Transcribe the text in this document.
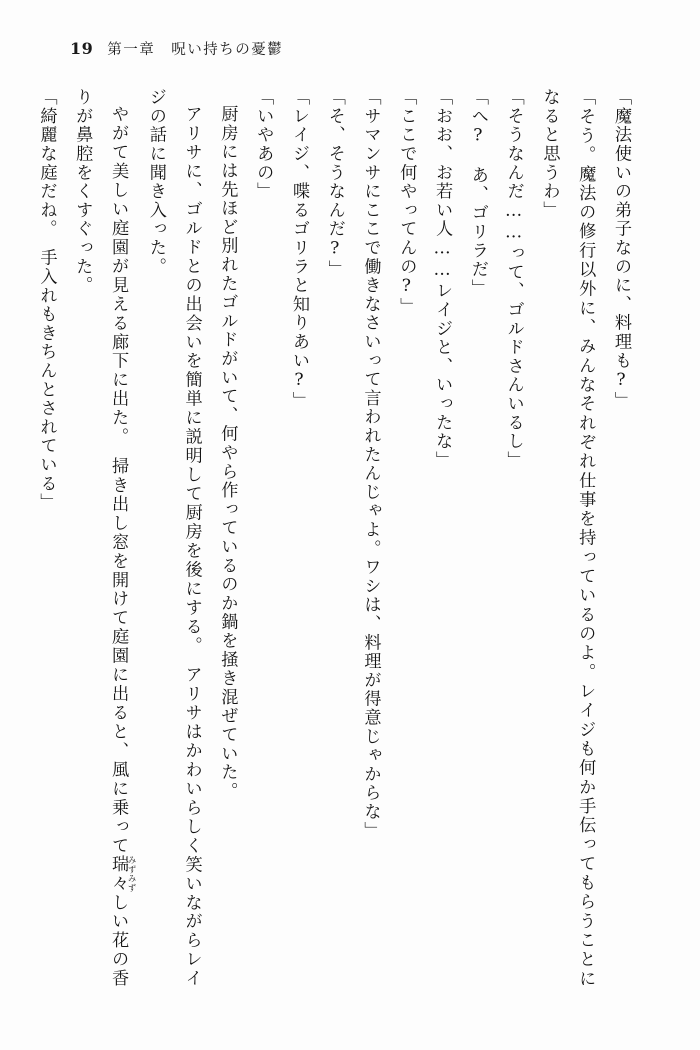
19 第一章　呪い持ちの憂鬱

「魔法使いの弟子なのに、料理も?」

「そう。魔法の修行以外に、みんなそれぞれ仕事を持っているのよ。レイジも何か手伝ってもらうことになると思うわ」

「そうなんだ……って、ゴルドさんいるし」

「へ?　あ、ゴリラだ」

「おお、お若い人……レイジと、いったな」

「ここで何やってんの?」

「サマンサにここで働きなさいって言われたんじゃよ。ワシは、料理が得意じゃからな」

「そ、そうなんだ?」

「レイジ、喋るゴリラと知りあい?」

「いやあの」

厨房には先ほど別れたゴルドがいて、何やら作っているのか鍋を掻き混ぜていた。

アリサに、ゴルドとの出会いを簡単に説明して厨房を後にする。　アリサはかわいらしく笑いながらレイジの話に聞き入った。

やがて美しい庭園が見える廊下に出た。　掃き出し窓を開けて庭園に出ると、風に乗って瑞々 みずみずしい花の香りが鼻腔をくすぐった。

「綺麗な庭だね。　手入れもきちんとされている」
